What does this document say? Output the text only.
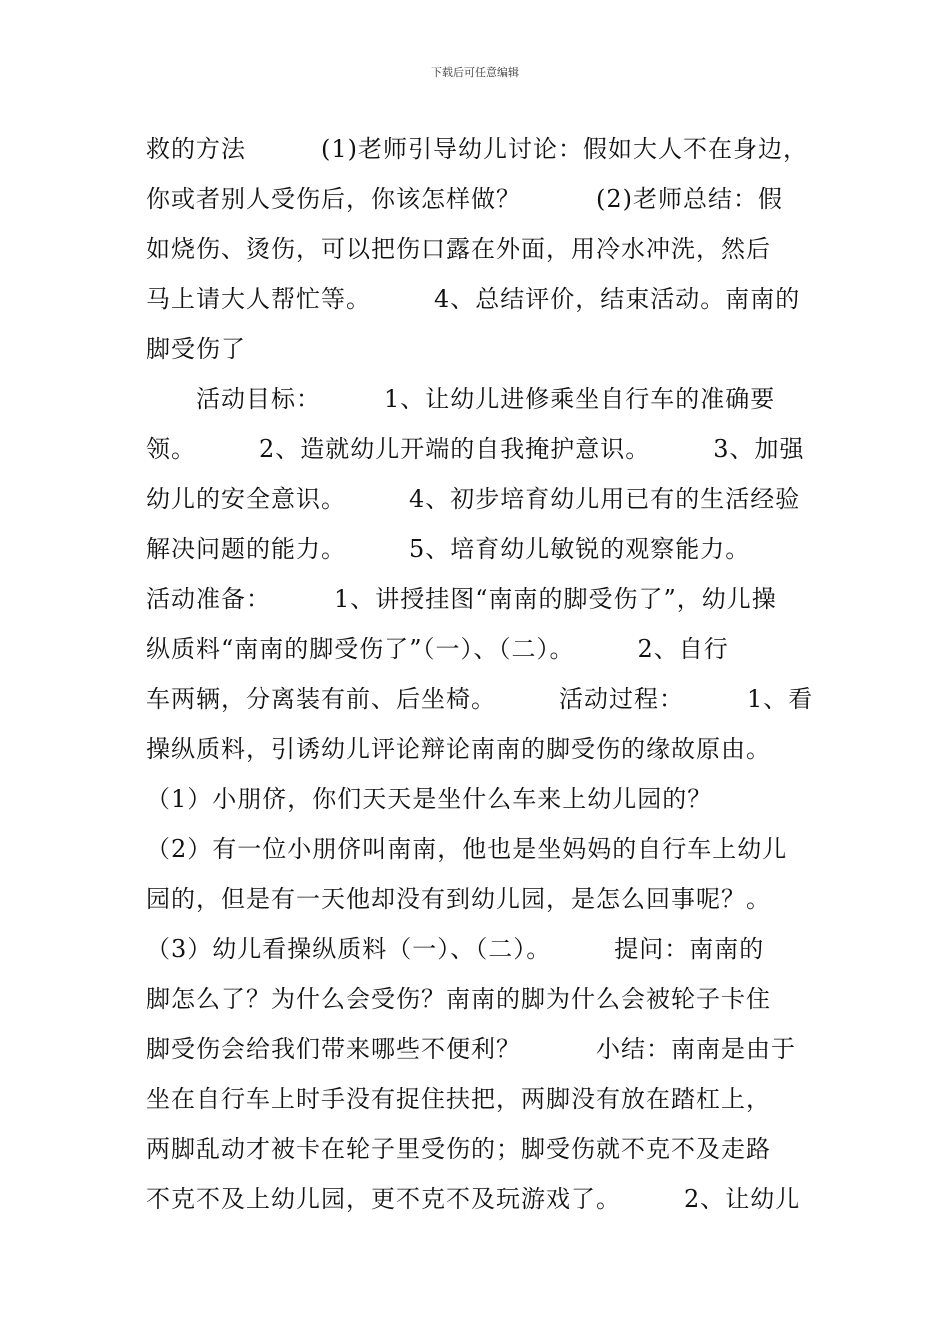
下载后可任意编辑
救的方法　　　(1)老师引导幼儿讨论：假如大人不在身边，
你或者别人受伤后，你该怎样做？　　　(2)老师总结：假
如烧伤、烫伤，可以把伤口露在外面，用冷水冲洗，然后
马上请大人帮忙等。　　　4、总结评价，结束活动。南南的
脚受伤了
　　活动目标：　　　1、让幼儿进修乘坐自行车的准确要
领。　　　2、造就幼儿开端的自我掩护意识。　　　3、加强
幼儿的安全意识。　　　4、初步培育幼儿用已有的生活经验
解决问题的能力。　　　5、培育幼儿敏锐的观察能力。
活动准备：　　　1、讲授挂图“南南的脚受伤了”，幼儿操
纵质料“南南的脚受伤了”（一）、（二）。　　　2、自行
车两辆，分离装有前、后坐椅。　　　活动过程：　　　1、看
操纵质料，引诱幼儿评论辩论南南的脚受伤的缘故原由。
（1）小朋侪，你们天天是坐什么车来上幼儿园的？
（2）有一位小朋侪叫南南，他也是坐妈妈的自行车上幼儿
园的，但是有一天他却没有到幼儿园，是怎么回事呢？。
（3）幼儿看操纵质料（一）、（二）。　　　提问：南南的
脚怎么了？为什么会受伤？南南的脚为什么会被轮子卡住
脚受伤会给我们带来哪些不便利？　　　小结：南南是由于
坐在自行车上时手没有捉住扶把，两脚没有放在踏杠上，
两脚乱动才被卡在轮子里受伤的；脚受伤就不克不及走路
不克不及上幼儿园，更不克不及玩游戏了。　　　2、让幼儿
